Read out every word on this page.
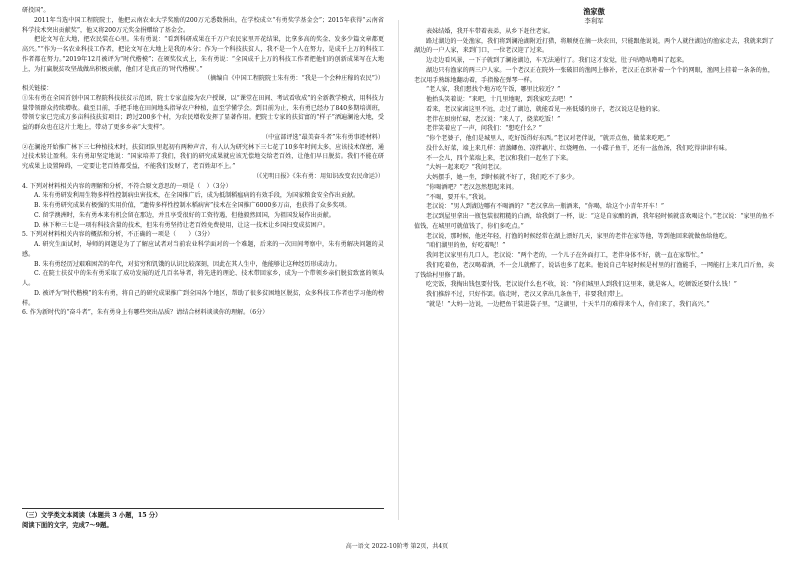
研投国”。

2011年当选中国工程院院士，他把云南农业大学奖励的200万元悉数捐出，在学校成立“有勇奖学基金会”；2015年获得“云南省科学技术突出贡献奖”，他又将200万元奖金捐赠给了基金会。

把论文写在大地，把农民装在心里。朱有勇说：“看到科研成果在千万户农民家里开花结果，比拿多高的奖金、发多少篇文章都更高兴。”“作为一名农业科技工作者，把论文写在大地上是我的本分；作为一个科技扶贫人，我不是一个人在努力，是成千上万的科技工作者都在努力。”2019年12月被评为“时代楷模”；在颁奖仪式上，朱有勇说：“全国成千上万的科技工作者把他们的创新成果写在大地上，为打赢脱贫攻坚战做出积极贡献，他们才是真正的‘时代楷模’。”

（摘编自《中国工程院院士朱有勇：“我是一个会种庄稼的农民”》）

相关链接：

①朱有勇在全国首创中国工程院科技扶贫示范团，院士专家直接为农户授课，以“课堂在田间、考试看收成”的全新教学模式，用科技力量带领群众持续增收。截至目前，手把手地在田间地头指导农户种植，直至学懂学会。到目前为止，朱有勇已经办了840多期培训班，带领专家已完成万多亩科技扶贫项目；跨过200多个村，为农民增收发挥了显著作用。把院士专家的扶贫富的“样子”洒遍澜沧大地，受益的群众也在这片土地上，带动了更多乡亲“大变样”。

（中宣部评选“最美奋斗者”朱有勇事迹材料）

②在澜沧开始推广林下三七种植技术时，扶贫团队里起初有两种声音，有人认为研究林下三七花了10多年时间太多，应该技术保密，通过技术转让盈利。朱有勇却坚定地说：“国家培养了我们，我们的研究成果就应该无偿地交给老百姓，让他们早日脱贫。我们不能在研究成果上设置障碍，一定要让老百姓都受益，不能我们发财了，老百姓却不上。”

（《光明日报》《朱有勇：用知识改变农民命运》）

4. 下列对材料相关内容的理解和分析，不符合原文意思的一项是（　）（3分）

A. 朱有勇研发利用生物多样性控制病虫害技术，在全国推广后，成为抵制稻瘟病的有效手段，为国家粮食安全作出贡献。

B. 朱有勇研究成果有极强的实用价值，“遗传多样性控制水稻病害”技术在全国推广6000多万亩，也获得了众多奖项。

C. 留学澳洲时，朱有勇本来有机会留在那边，并且享受很好的工资待遇，但他毅然回国，为祖国发展作出贡献。

D. 林下种三七是一项有科技含量的技术，但朱有勇坚持让老百姓免费使用，让这一技术让乡国扫变成贫困户。

5. 下列对材料相关内容的概括和分析，不正确的一项是（　　）（3分）

A. 研究生面试时，导师的问题是为了了解应试者对当前农业科学面对的一个难题，后来的一次田间考察中，朱有勇解决问题的灵感。

B. 朱有勇经历过艰难困苦的年代，对贫穷和饥饿的认识比较深刻，因此在其人生中，他能够让这种经历形成动力。

C. 在院士扶贫中的朱有勇采取了成功发展的近几百名导者，将先进的理论、技术带回家乡，成为一个带领乡亲们脱贫致富的领头人。

D. 被评为“时代楷模”的朱有勇，将自己的研究成果推广到全国各个地区，帮助了很多贫困地区脱贫，众多科技工作者也学习他的榜样。

6. 作为新时代的“奋斗者”，朱有勇身上有哪些突出品质？请结合材料谈谈你的理解。（6分）

（三）文学类文本阅读（本题共 3 小题，15 分）

阅读下面的文字，完成7～9题。

渔家傲

李利军

表妹结婚，我开车带着表弟，从乡下赶往老家。

路过湖边的一处渔家，我们将到澜沧湖附近打猎，将顺便在摘一块农田，只能跟他说说，两个人就往湖边的渔家走去，我就来到了湖边的一户人家，来到门口，一位老汉迎了过来。

边走边看风景，一下子就到了澜沧湖边，车无法通行了。我们这才发觉，肚子咕噜咕噜叫了起来。

湖边只有渔家的两三户人家。一个老汉正在院外一张破旧的渔网上修补，老汉正在织补着一个个的网眼，渔网上挂着一条条的鱼，老汉用手熟练地翻动着，手指像在弹琴一样。

“老人家，我们想找个地方吃午饭，哪里比较近？”

他抬头笑着说：“来吧，十几里地呢，到我家吃去吧！”

看来，老汉家离这里不远，走过了湖边，就能看见一座低矮的房子，老汉说这是他的家。

老伴在厨房忙碌，老汉说：“来人了，烧菜吃饭！”

老伴笑着应了一声，问我们：“想吃什么？”

“你个老婆子，他们是城里人，吃好饭得好东西。”老汉对老伴说，“就弄点鱼，做菜来吃吧。”

没什么好菜，端上来几样：清蒸鲫鱼、凉拌藕片、红烧鲤鱼、一小碟子鱼干，还有一盆鱼汤，我们吃得津津有味。

不一会儿，四个菜端上来，老汉和我们一起坐了下来。

“大妈一起来吃？”我问老汉。

大妈摆手，她一坐，到时候就不好了，我们吃不了多少。

“你喝酒吧？”老汉忽然想起来问。

“不喝，要开车。”我说。

老汉说：“男人到湖边哪有不喝酒的？”老汉拿出一瓶酒来，“你喝，给这个小青年开车！”

老汉到屋里拿出一瓶包装很粗糙的白酒，给我倒了一杯，说：“这是自家酿的酒，我年轻时候就喜欢喝这个。”老汉说：“家里的鱼不值钱，在城里可就值钱了，你们多吃点。”

老汉说，那时候，他还年轻，打渔的时候经常在湖上漂好几天，家里的老伴在家等他，等到他回来就做鱼给他吃。

“咱们湖里的鱼，好吃着呢！”

我问老汉家里有几口人，老汉说：“两个老的，一个儿子在外面打工，老伴身体不好，就一直在家帮忙。”

我们吃着鱼，老汉喝着酒，不一会儿就醉了，说话也多了起来。他说自己年轻时候是村里的打渔能手，一网能打上来几百斤鱼，卖了钱给村里修了路。

吃完饭，我掏出钱包要付钱，老汉说什么也不收，说：“你们城里人到我们这里来，就是客人，吃顿饭还要什么钱！”

我们推辞不过，只好作罢。临走时，老汉又拿出几条鱼干，非要我们带上。

“就是！”大妈一边说，一边把鱼干装进袋子里，“这湖里，十天半月的难得来个人，你们来了，我们高兴。”

高一语文 2022-10阶考 第2页，共4页
